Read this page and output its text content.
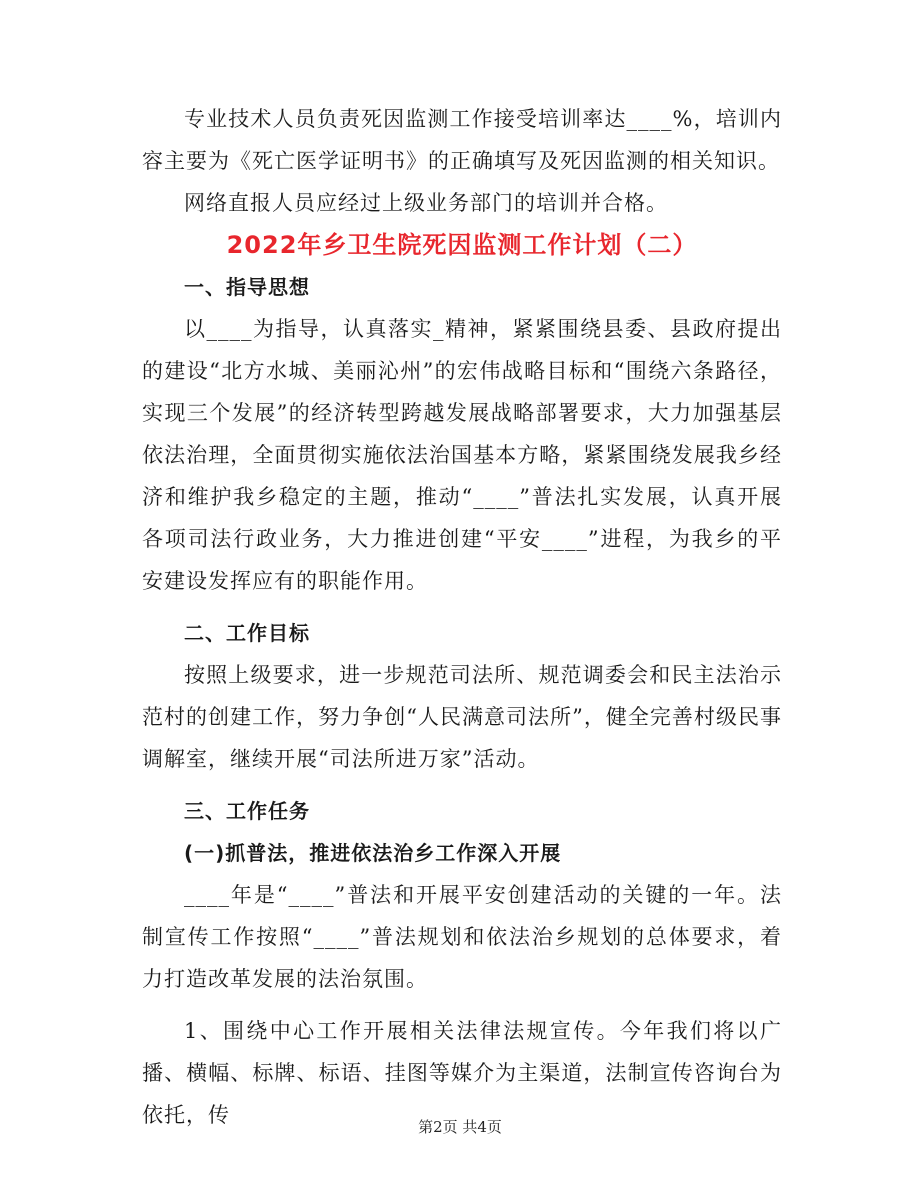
专业技术人员负责死因监测工作接受培训率达____%，培训内容主要为《死亡医学证明书》的正确填写及死因监测的相关知识。

网络直报人员应经过上级业务部门的培训并合格。

2022年乡卫生院死因监测工作计划（二）

一、指导思想

以____为指导，认真落实_精神，紧紧围绕县委、县政府提出的建设“北方水城、美丽沁州”的宏伟战略目标和“围绕六条路径，实现三个发展”的经济转型跨越发展战略部署要求，大力加强基层依法治理，全面贯彻实施依法治国基本方略，紧紧围绕发展我乡经济和维护我乡稳定的主题，推动“____”普法扎实发展，认真开展各项司法行政业务，大力推进创建“平安____”进程，为我乡的平安建设发挥应有的职能作用。

二、工作目标

按照上级要求，进一步规范司法所、规范调委会和民主法治示范村的创建工作，努力争创“人民满意司法所”，健全完善村级民事调解室，继续开展“司法所进万家”活动。

三、工作任务

(一)抓普法，推进依法治乡工作深入开展

____年是“____”普法和开展平安创建活动的关键的一年。法制宣传工作按照“____”普法规划和依法治乡规划的总体要求，着力打造改革发展的法治氛围。

1、围绕中心工作开展相关法律法规宣传。今年我们将以广播、横幅、标牌、标语、挂图等媒介为主渠道，法制宣传咨询台为依托，传	第2页 共4页
